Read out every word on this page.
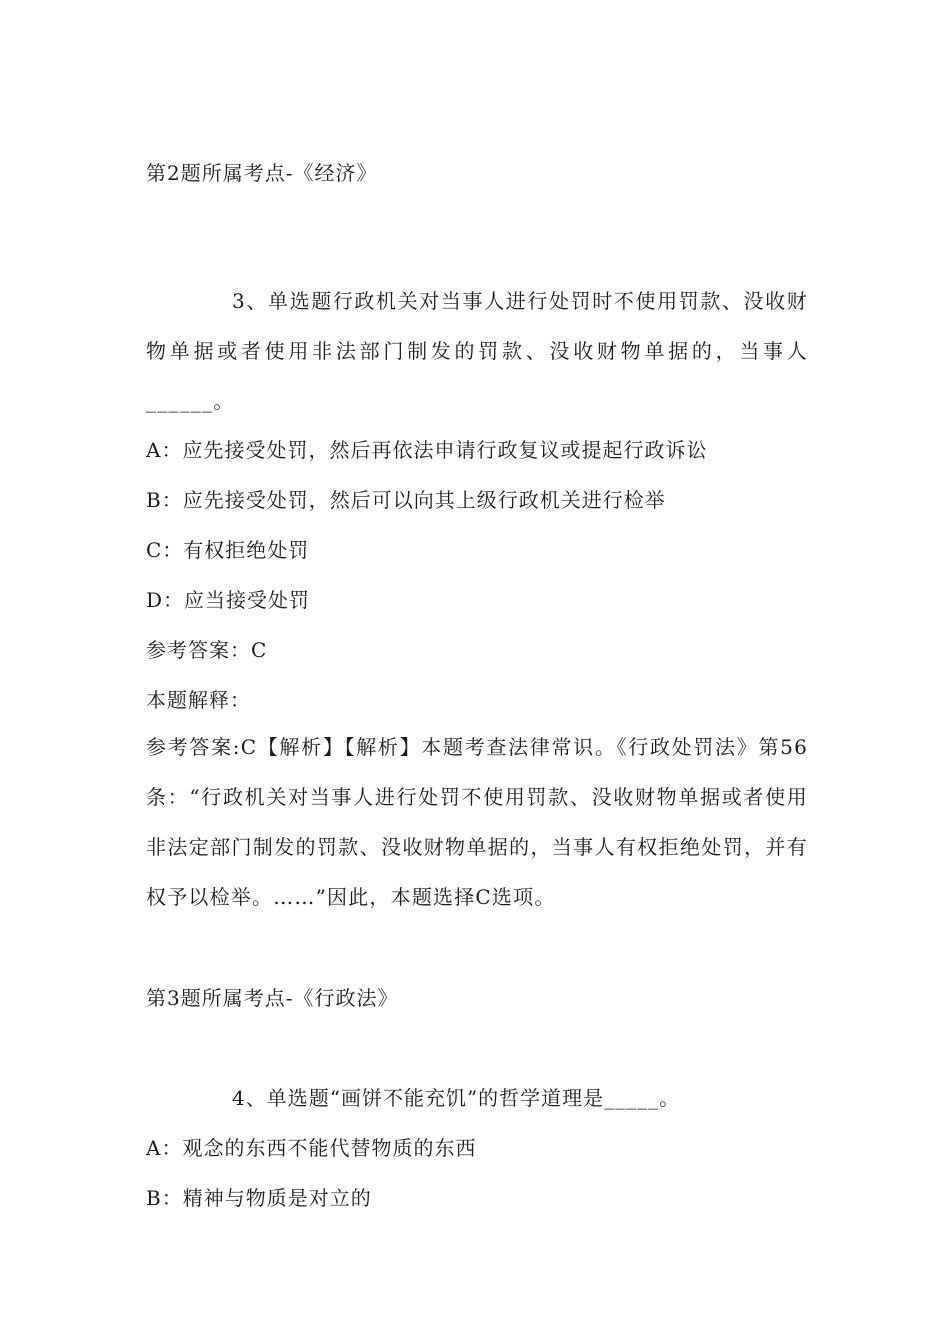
第2题所属考点-《经济》
3、单选题行政机关对当事人进行处罚时不使用罚款、没收财物单据或者使用非法部门制发的罚款、没收财物单据的，当事人______。
A：应先接受处罚，然后再依法申请行政复议或提起行政诉讼
B：应先接受处罚，然后可以向其上级行政机关进行检举
C：有权拒绝处罚
D：应当接受处罚
参考答案：C
本题解释：
参考答案:C【解析】【解析】本题考查法律常识。《行政处罚法》第56条：“行政机关对当事人进行处罚不使用罚款、没收财物单据或者使用非法定部门制发的罚款、没收财物单据的，当事人有权拒绝处罚，并有权予以检举。……”因此，本题选择C选项。
第3题所属考点-《行政法》
4、单选题“画饼不能充饥”的哲学道理是_____。
A：观念的东西不能代替物质的东西
B：精神与物质是对立的
